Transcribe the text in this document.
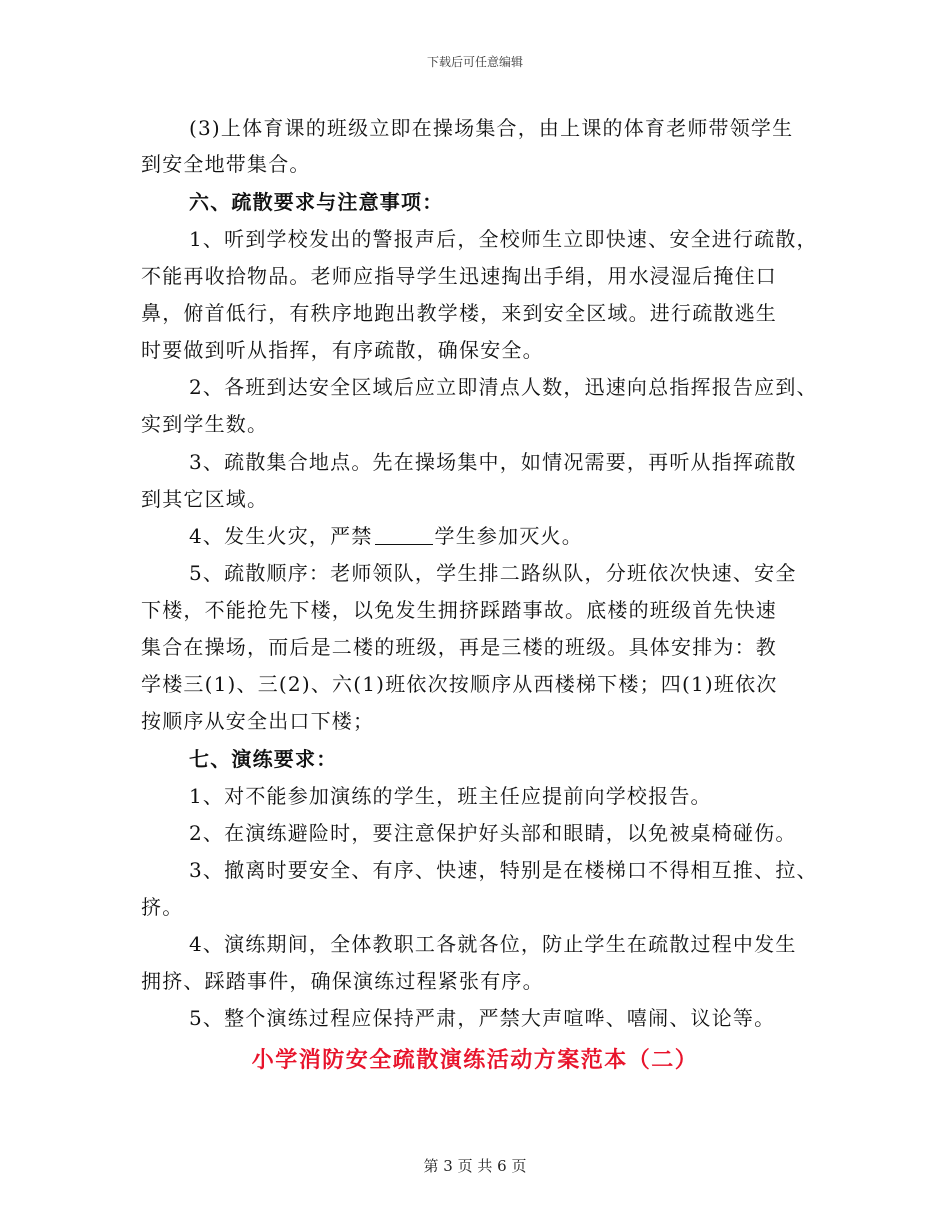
下载后可任意编辑
(3)上体育课的班级立即在操场集合，由上课的体育老师带领学生
到安全地带集合。
六、疏散要求与注意事项：
1、听到学校发出的警报声后，全校师生立即快速、安全进行疏散，
不能再收拾物品。老师应指导学生迅速掏出手绢，用水浸湿后掩住口
鼻，俯首低行，有秩序地跑出教学楼，来到安全区域。进行疏散逃生
时要做到听从指挥，有序疏散，确保安全。
2、各班到达安全区域后应立即清点人数，迅速向总指挥报告应到、
实到学生数。
3、疏散集合地点。先在操场集中，如情况需要，再听从指挥疏散
到其它区域。
4、发生火灾，严禁	学生参加灭火。
5、疏散顺序：老师领队，学生排二路纵队，分班依次快速、安全
下楼，不能抢先下楼，以免发生拥挤踩踏事故。底楼的班级首先快速
集合在操场，而后是二楼的班级，再是三楼的班级。具体安排为：教
学楼三(1)、三(2)、六(1)班依次按顺序从西楼梯下楼；四(1)班依次
按顺序从安全出口下楼；
七、演练要求：
1、对不能参加演练的学生，班主任应提前向学校报告。
2、在演练避险时，要注意保护好头部和眼睛，以免被桌椅碰伤。
3、撤离时要安全、有序、快速，特别是在楼梯口不得相互推、拉、
挤。
4、演练期间，全体教职工各就各位，防止学生在疏散过程中发生
拥挤、踩踏事件，确保演练过程紧张有序。
5、整个演练过程应保持严肃，严禁大声喧哗、嘻闹、议论等。
小学消防安全疏散演练活动方案范本（二）
第 3 页 共 6 页
